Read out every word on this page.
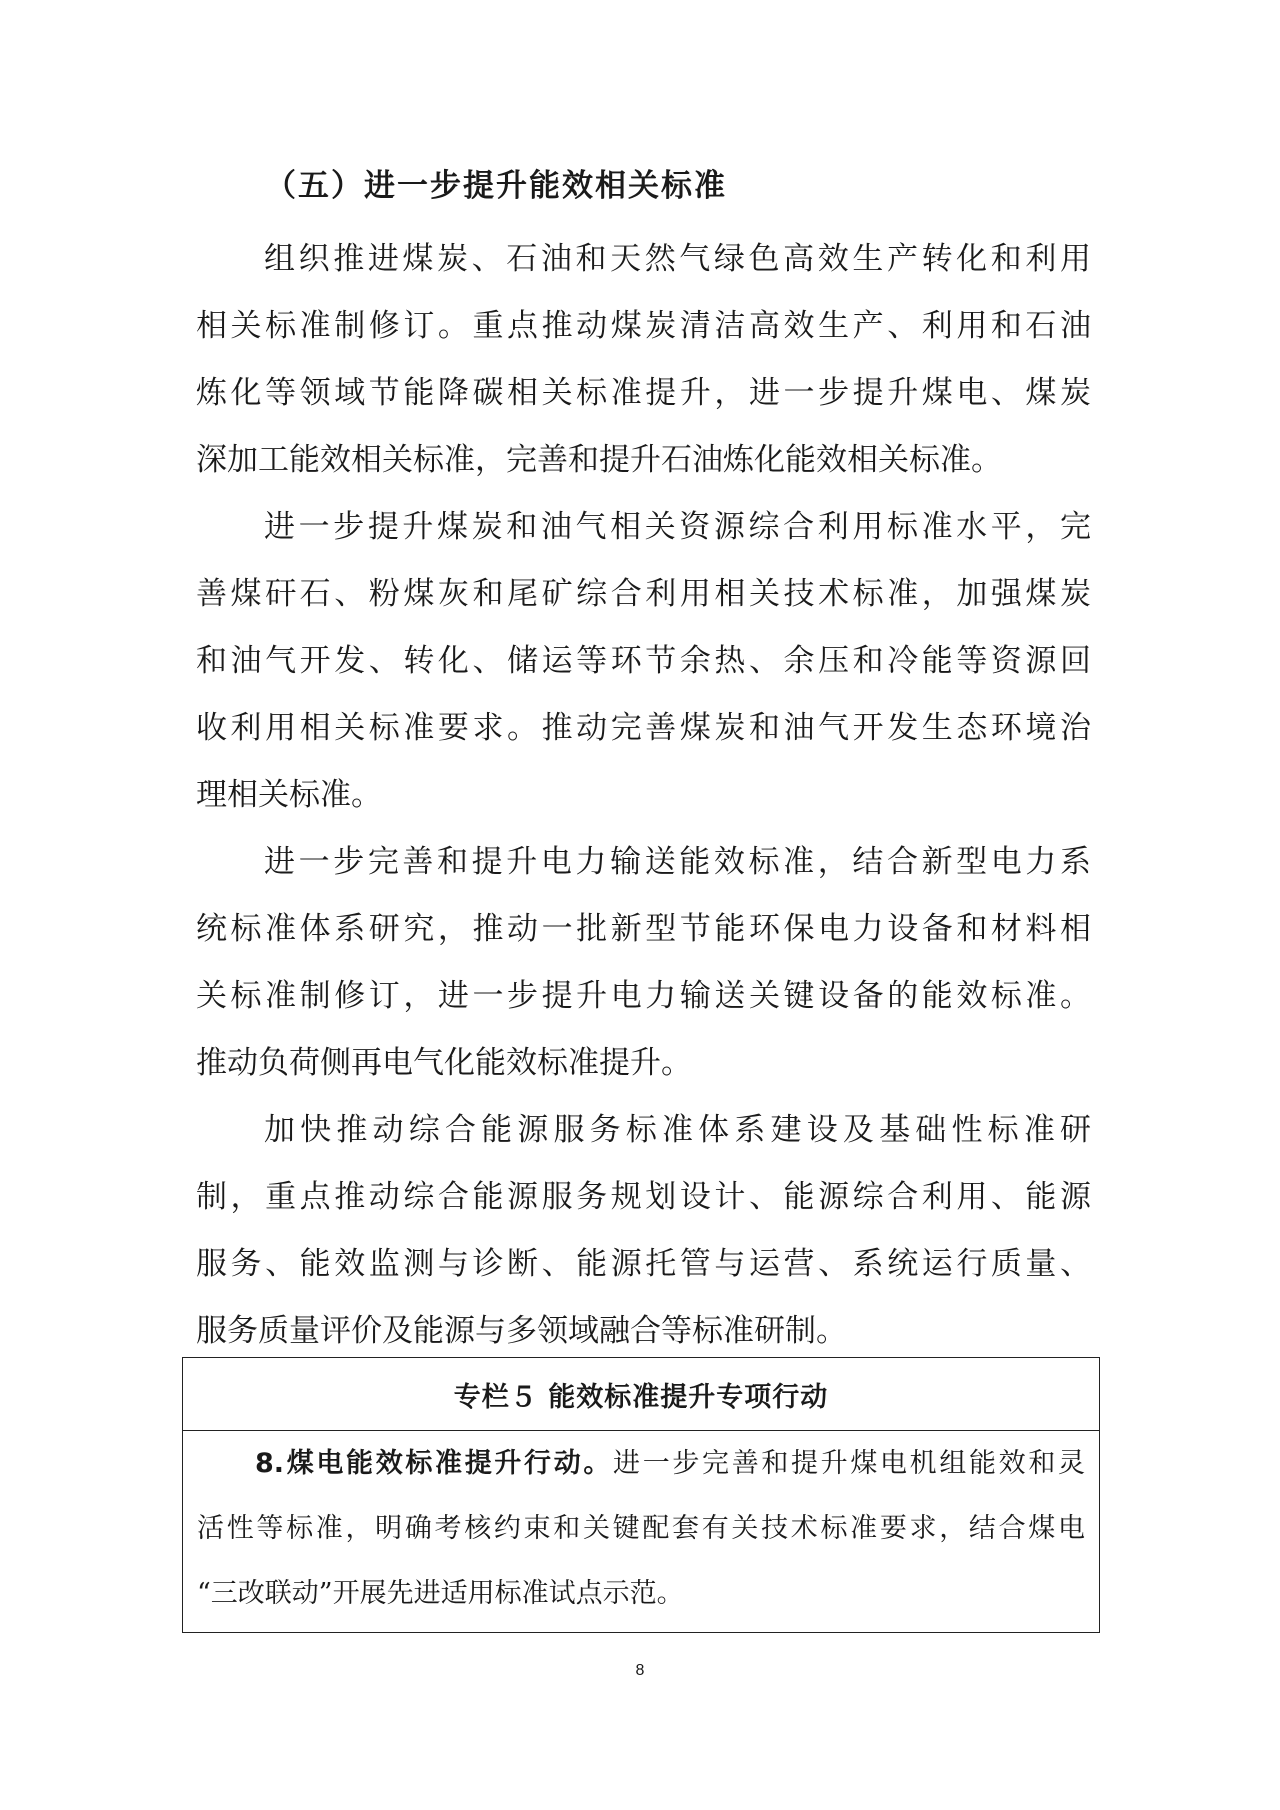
（五）进一步提升能效相关标准
组织推进煤炭、石油和天然气绿色高效生产转化和利用
相关标准制修订。重点推动煤炭清洁高效生产、利用和石油
炼化等领域节能降碳相关标准提升，进一步提升煤电、煤炭
深加工能效相关标准，完善和提升石油炼化能效相关标准。
进一步提升煤炭和油气相关资源综合利用标准水平，完
善煤矸石、粉煤灰和尾矿综合利用相关技术标准，加强煤炭
和油气开发、转化、储运等环节余热、余压和冷能等资源回
收利用相关标准要求。推动完善煤炭和油气开发生态环境治
理相关标准。
进一步完善和提升电力输送能效标准，结合新型电力系
统标准体系研究，推动一批新型节能环保电力设备和材料相
关标准制修订，进一步提升电力输送关键设备的能效标准。
推动负荷侧再电气化能效标准提升。
加快推动综合能源服务标准体系建设及基础性标准研
制，重点推动综合能源服务规划设计、能源综合利用、能源
服务、能效监测与诊断、能源托管与运营、系统运行质量、
服务质量评价及能源与多领域融合等标准研制。
专栏５ 能效标准提升专项行动
8.煤电能效标准提升行动。进一步完善和提升煤电机组能效和灵
活性等标准，明确考核约束和关键配套有关技术标准要求，结合煤电
“三改联动”开展先进适用标准试点示范。
8
